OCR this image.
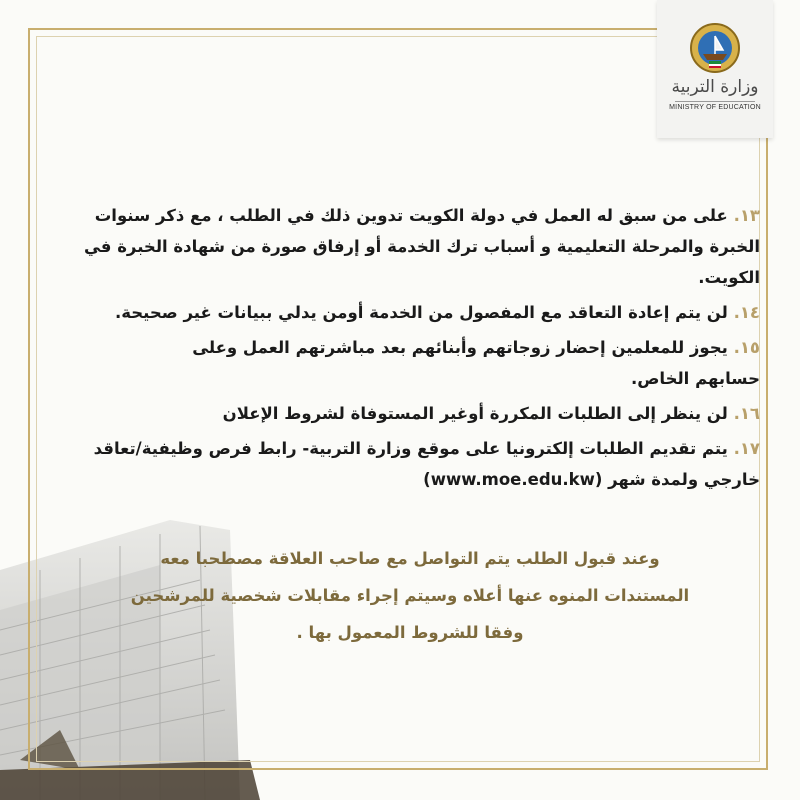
وزارة التربية
MINISTRY OF EDUCATION
١٣. على من سبق له العمل في دولة الكويت تدوين ذلك في الطلب ، مع ذكر سنوات
الخبرة والمرحلة التعليمية و أسباب ترك الخدمة أو إرفاق صورة من شهادة الخبرة في
الكويت.
١٤. لن يتم إعادة التعاقد مع المفصول من الخدمة أومن يدلي ببيانات غير صحيحة.
١٥. يجوز للمعلمين إحضار زوجاتهم وأبنائهم بعد مباشرتهم العمل وعلى
حسابهم الخاص.
١٦. لن ينظر إلى الطلبات المكررة أوغير المستوفاة لشروط الإعلان
١٧. يتم تقديم الطلبات إلكترونيا على موقع وزارة التربية- رابط فرص وظيفية/تعاقد
خارجي ولمدة شهر (www.moe.edu.kw)
وعند قبول الطلب يتم التواصل مع صاحب العلاقة مصطحبا معه
المستندات المنوه عنها أعلاه وسيتم إجراء مقابلات شخصية للمرشحين
وفقا للشروط المعمول بها .
